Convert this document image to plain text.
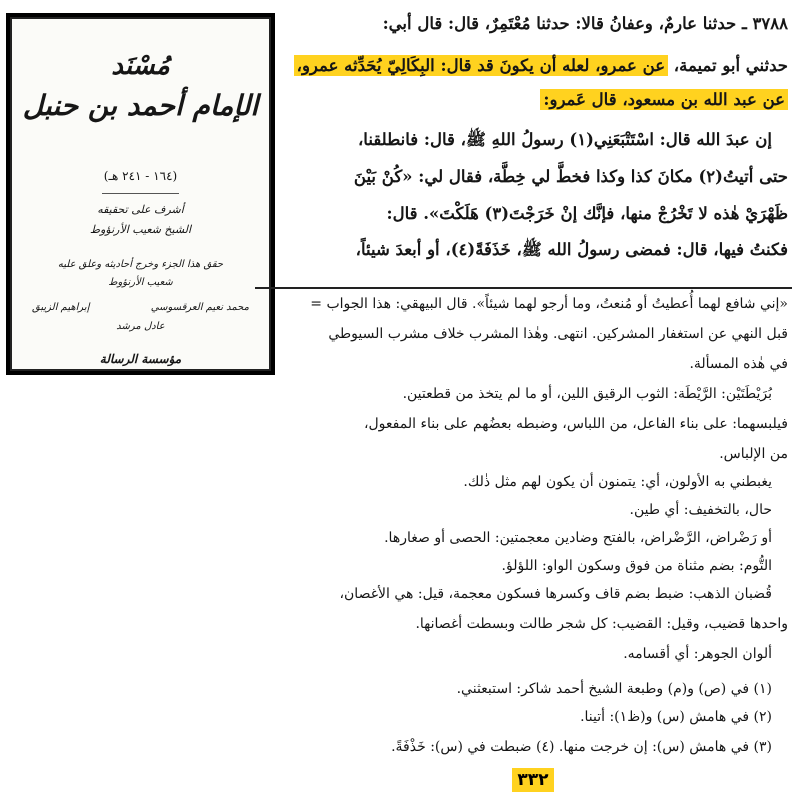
مُسْنَد
الإمام أحمد بن حنبل
(١٦٤ - ٢٤١ هـ)
أشرف على تحقيقه
الشيخ شعيب الأرنؤوط
حقق هذا الجزء وخرج أحاديثه وعلق عليه
شعيب الأرنؤوط
محمد نعيم العرقسوسي
إبراهيم الزيبق
عادل مرشد
مؤسسة الرسالة
٣٧٨٨ ـ حدثنا عارمٌ، وعفانُ قالا: حدثنا مُعْتَمِرٌ، قال: قال أبي:
حدثني أبو تميمة، عن عمرو، لعله أن يكونَ قد قال: البِكَالِيّ يُحَدِّثه عمرو،
عن عبد الله بن مسعود، قال عَمرو:
إن عبدَ الله قال: اسْتَتْبَعَنِي(١) رسولُ اللهِ ﷺ، قال: فانطلقنا،
حتى أتيتُ(٢) مكانَ كذا وكذا فخطَّ لي خِطَّة، فقال لي: «كُنْ بَيْنَ
ظَهْرَيْ هٰذه لا تَخْرُجْ منها، فإنَّك إنْ خَرَجْتَ(٣) هَلَكْتَ». قال:
فكنتُ فيها، قال: فمضى رسولُ الله ﷺ، خَذَفَةً(٤)، أو أبعدَ شيئاً،
«إني شافع لهما أُعطيتُ أو مُنعتُ، وما أرجو لهما شيئاً». قال البيهقي: هذا الجواب =
قبل النهي عن استغفار المشركين. انتهى. وهٰذا المشرب خلاف مشرب السيوطي
في هٰذه المسألة.
بُرَيْطَتَيْن: الرَّيْطَة: الثوب الرقيق اللين، أو ما لم يتخذ من قطعتين.
فيلبسهما: على بناء الفاعل، من اللباس، وضبطه بعضُهم على بناء المفعول،
من الإلباس.
يغبطني به الأولون، أي: يتمنون أن يكون لهم مثل ذٰلك.
حال، بالتخفيف: أي طين.
أو رَضْراض، الرَّضْراض، بالفتح وضادين معجمتين: الحصى أو صغارها.
التُّوم: بضم مثناة من فوق وسكون الواو: اللؤلؤ.
قُضبان الذهب: ضبط بضم قاف وكسرها فسكون معجمة، قيل: هي الأغصان،
واحدها قضيب، وقيل: القضيب: كل شجر طالت وبسطت أغصانها.
ألوان الجوهر: أي أقسامه.
(١) في (ص) و(م) وطبعة الشيخ أحمد شاكر: استبعثني.
(٢) في هامش (س) و(ظ١): أتينا.
(٣) في هامش (س): إن خرجت منها. (٤) ضبطت في (س): خَذْفَةً.
٣٣٢
